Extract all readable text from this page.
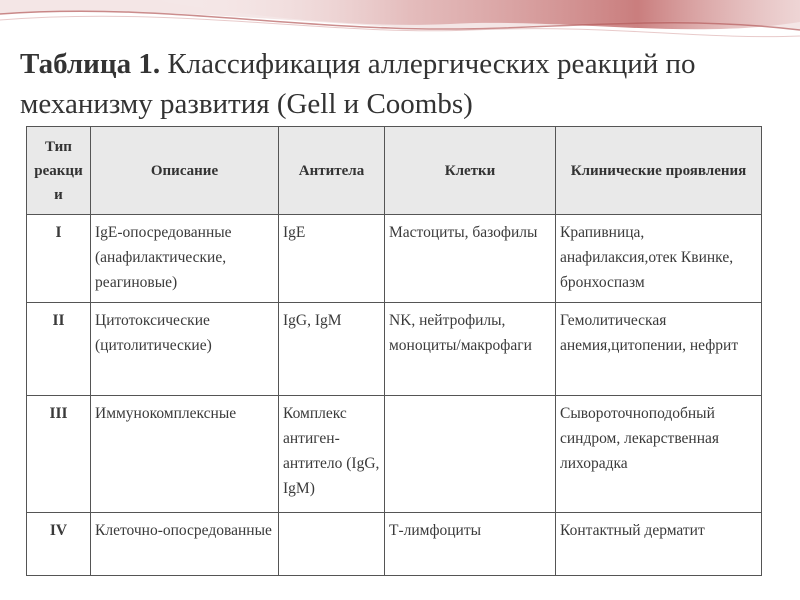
Таблица 1. Классификация аллергических реакций по механизму развития (Gell и Coombs)
Тип реакции	Описание	Антитела	Клетки	Клинические проявления
I	IgE-опосредованные (анафилактические, реагиновые)	IgE	Мастоциты, базофилы	Крапивница, анафилаксия,отек Квинке, бронхоспазм
II	Цитотоксические (цитолитические)	IgG, IgM	NK, нейтрофилы, моноциты/макрофаги	Гемолитическая анемия,цитопении, нефрит
III	Иммунокомплексные	Комплекс антиген-антитело (IgG, IgM)		Сывороточноподобный синдром, лекарственная лихорадка
IV	Клеточно-опосредованные		Т-лимфоциты	Контактный дерматит
